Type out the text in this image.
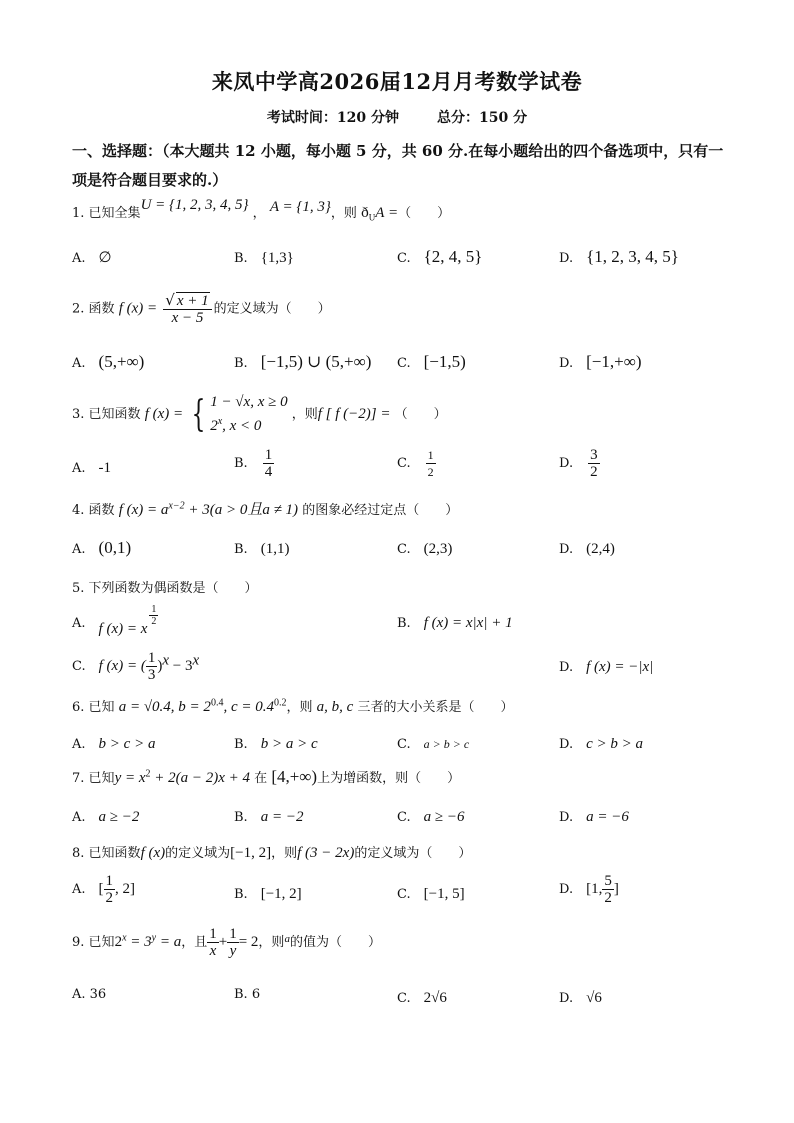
来凤中学高2026届12月月考数学试卷
考试时间：120 分钟	总分：150 分
一、选择题：（本大题共 12 小题，每小题 5 分，共 60 分.在每小题给出的四个备选项中，只有一项是符合题目要求的.）
1. 已知全集U = {1, 2, 3, 4, 5} ， A = {1, 3}，则 $ð_UA$ =（　　）
A.　 ∅	B.　 {1,3}	C.　 {2, 4, 5}	D.　 {1, 2, 3, 4, 5}
2. 函数 f $(x) = \frac{√ x + 1}{x - 5}$ 的定义域为（　　）
A.　 (5,+∞)	B.　 [−1,5) ∪ (5,+∞) C.　 [−1,5)	D.　 [−1,+∞)
3. 已知函数 f (x) = { 1 − √x, x ≥ 0
2$^x$, x < 0
，则f [ f (−2)] = （　　）
A.　 -1	B.　 $\frac{1}{4}$	C.　 $\frac{1}{2}$	D.　 $\frac{3}{2}$
4. 函数 f $(x) = a^{x-2} + 3(a > 0$且a ≠ 1) 的图象必经过定点（　　）
A.　 (0,1)	B.　 (1,1)	C.　 (2,3)	D.　 (2,4)
5. 下列函数为偶函数是（　　）
A.　 f (x) = x
$\frac{1}{2}$	B.　 f (x) = x|x| + 1
C.　 f (x) = ( $\frac{1}{3} )^x - 3^x$	D.　 f (x) = −|x|
6. 已知 a = √0.4, $b = 2^{0.4}$, $c = 0.4^{0.2}$，则 a, b, c 三者的大小关系是（　　）
A.　 b > c > a	B.　 b > a > c	C.　 a > b > c	D.　 c > b > a
7. 已知$y = x^2 + 2(a - 2)x + 4$ 在 [4,+∞)上为增函数，则（　　）
A.　 a ≥ −2	B.　 a = −2	C.　 a ≥ −6	D.　 a = −6
8. 已知函数f (x)的定义域为[−1, 2]，则f (3 − 2x)的定义域为（　　）
A.　 [ $\frac{1}{2}$ , 2]	B.　 [−1, 2]	C.　 [−1, 5]	D.　 [1, $\frac{5}{2}$ ]
9. 已知$2^x = 3^y = a$，且 $\frac{1}{x} + \frac{1}{y} = 2$，则$^a$的值为（　　）
A. 36	B. 6	C.　 2√6	D.　 √6
